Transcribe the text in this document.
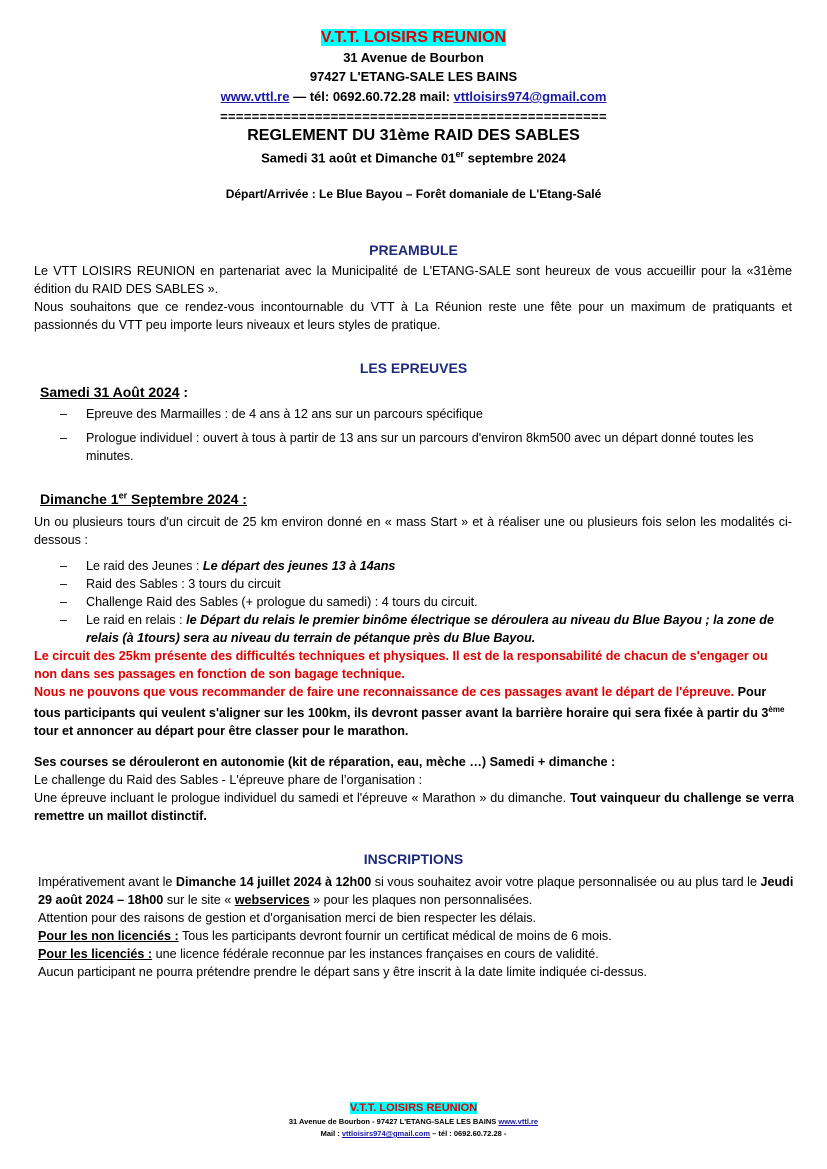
V.T.T. LOISIRS REUNION
31 Avenue de Bourbon
97427 L'ETANG-SALE LES BAINS
www.vttl.re — tél: 0692.60.72.28 mail: vttloisirs974@gmail.com
=================================================
REGLEMENT DU 31ème RAID DES SABLES
Samedi 31 août et Dimanche 01er septembre 2024
Départ/Arrivée : Le Blue Bayou – Forêt domaniale de L'Etang-Salé
PREAMBULE
Le VTT LOISIRS REUNION en partenariat avec la Municipalité de L'ETANG-SALE sont heureux de vous accueillir pour la «31ème édition du RAID DES SABLES ».
Nous souhaitons que ce rendez-vous incontournable du VTT à La Réunion reste une fête pour un maximum de pratiquants et passionnés du VTT peu importe leurs niveaux et leurs styles de pratique.
LES EPREUVES
Samedi 31 Août 2024 :
– Epreuve des Marmailles : de 4 ans à 12 ans sur un parcours spécifique
– Prologue individuel : ouvert à tous à partir de 13 ans sur un parcours d'environ 8km500 avec un départ donné toutes les minutes.
Dimanche 1er Septembre 2024 :
Un ou plusieurs tours d'un circuit de 25 km environ donné en « mass Start » et à réaliser une ou plusieurs fois selon les modalités ci-dessous :
– Le raid des Jeunes : Le départ des jeunes 13 à 14ans
– Raid des Sables : 3 tours du circuit
– Challenge Raid des Sables (+ prologue du samedi) : 4 tours du circuit.
– Le raid en relais : le Départ du relais le premier binôme électrique se déroulera au niveau du Blue Bayou ; la zone de relais (à 1tours) sera au niveau du terrain de pétanque près du Blue Bayou.
Le circuit des 25km présente des difficultés techniques et physiques. Il est de la responsabilité de chacun de s'engager ou non dans ses passages en fonction de son bagage technique.
Nous ne pouvons que vous recommander de faire une reconnaissance de ces passages avant le départ de l'épreuve. Pour tous participants qui veulent s'aligner sur les 100km, ils devront passer avant la barrière horaire qui sera fixée à partir du 3ème tour et annoncer au départ pour être classer pour le marathon.
Ses courses se dérouleront en autonomie (kit de réparation, eau, mèche …) Samedi + dimanche :
Le challenge du Raid des Sables - L'épreuve phare de l’organisation :
Une épreuve incluant le prologue individuel du samedi et l'épreuve « Marathon » du dimanche. Tout vainqueur du challenge se verra remettre un maillot distinctif.
INSCRIPTIONS
Impérativement avant le Dimanche 14 juillet 2024 à 12h00 si vous souhaitez avoir votre plaque personnalisée ou au plus tard le Jeudi 29 août 2024 – 18h00 sur le site « webservices » pour les plaques non personnalisées.
Attention pour des raisons de gestion et d'organisation merci de bien respecter les délais.
Pour les non licenciés : Tous les participants devront fournir un certificat médical de moins de 6 mois.
Pour les licenciés : une licence fédérale reconnue par les instances françaises en cours de validité.
Aucun participant ne pourra prétendre prendre le départ sans y être inscrit à la date limite indiquée ci-dessus.
V.T.T. LOISIRS REUNION
31 Avenue de Bourbon - 97427 L'ETANG-SALE LES BAINS www.vttl.re
Mail : vttloisirs974@gmail.com – tél : 0692.60.72.28 -
